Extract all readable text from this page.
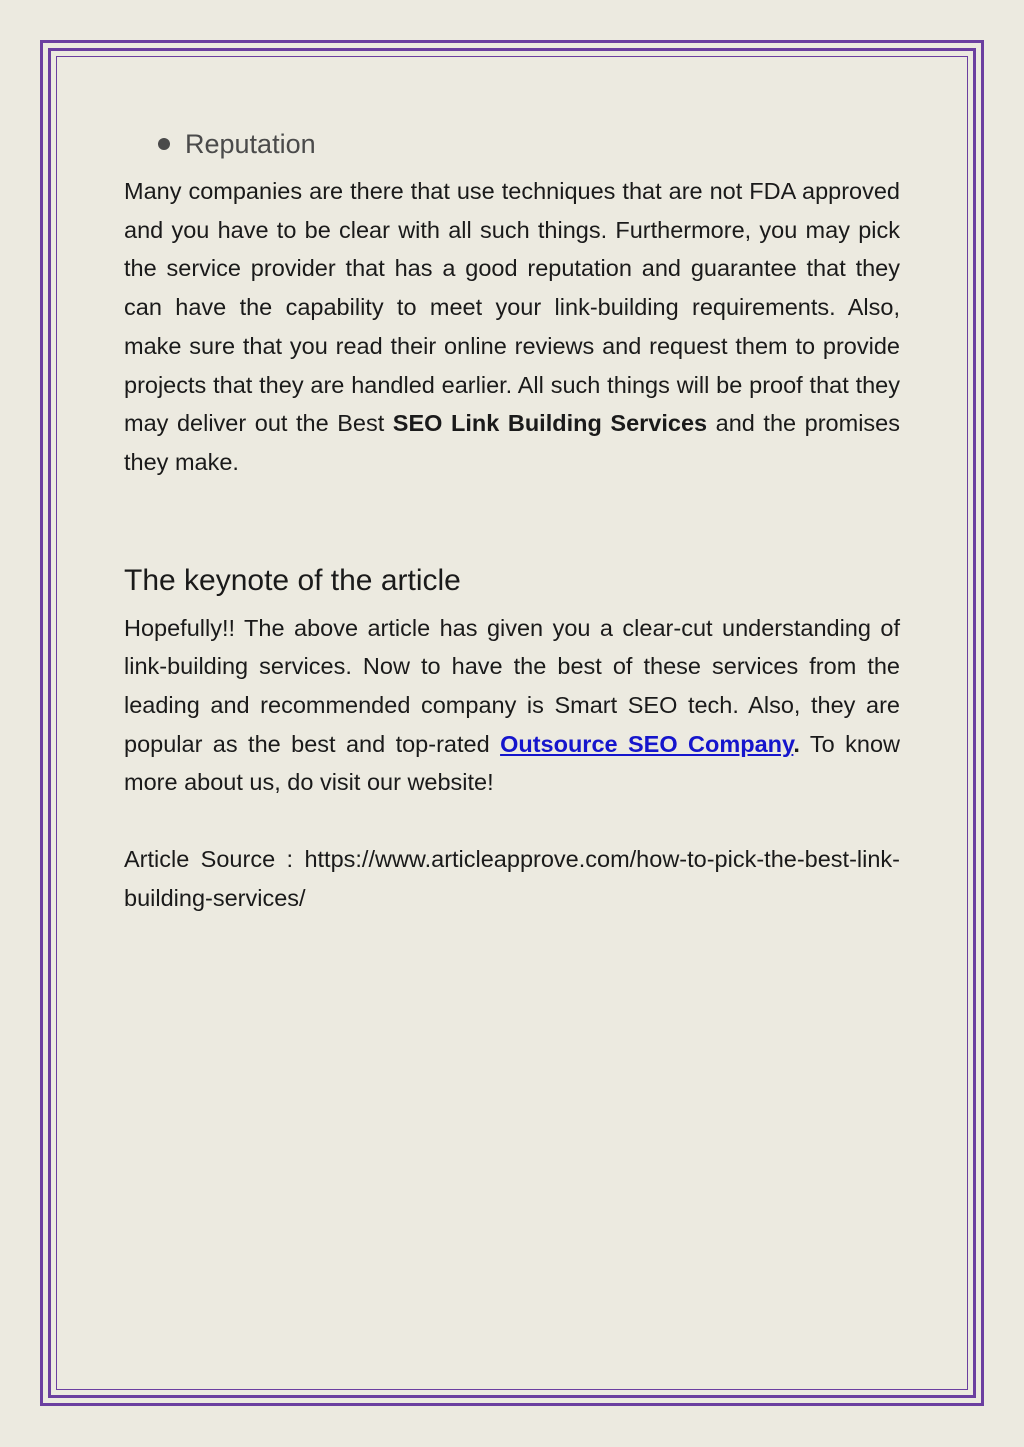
Reputation

Many companies are there that use techniques that are not FDA approved and you have to be clear with all such things. Furthermore, you may pick the service provider that has a good reputation and guarantee that they can have the capability to meet your link-building requirements. Also, make sure that you read their online reviews and request them to provide projects that they are handled earlier. All such things will be proof that they may deliver out the Best SEO Link Building Services and the promises they make.

The keynote of the article

Hopefully!! The above article has given you a clear-cut understanding of link-building services. Now to have the best of these services from the leading and recommended company is Smart SEO tech. Also, they are popular as the best and top-rated Outsource SEO Company. To know more about us, do visit our website!

Article Source : https://www.articleapprove.com/how-to-pick-the-best-link-building-services/
